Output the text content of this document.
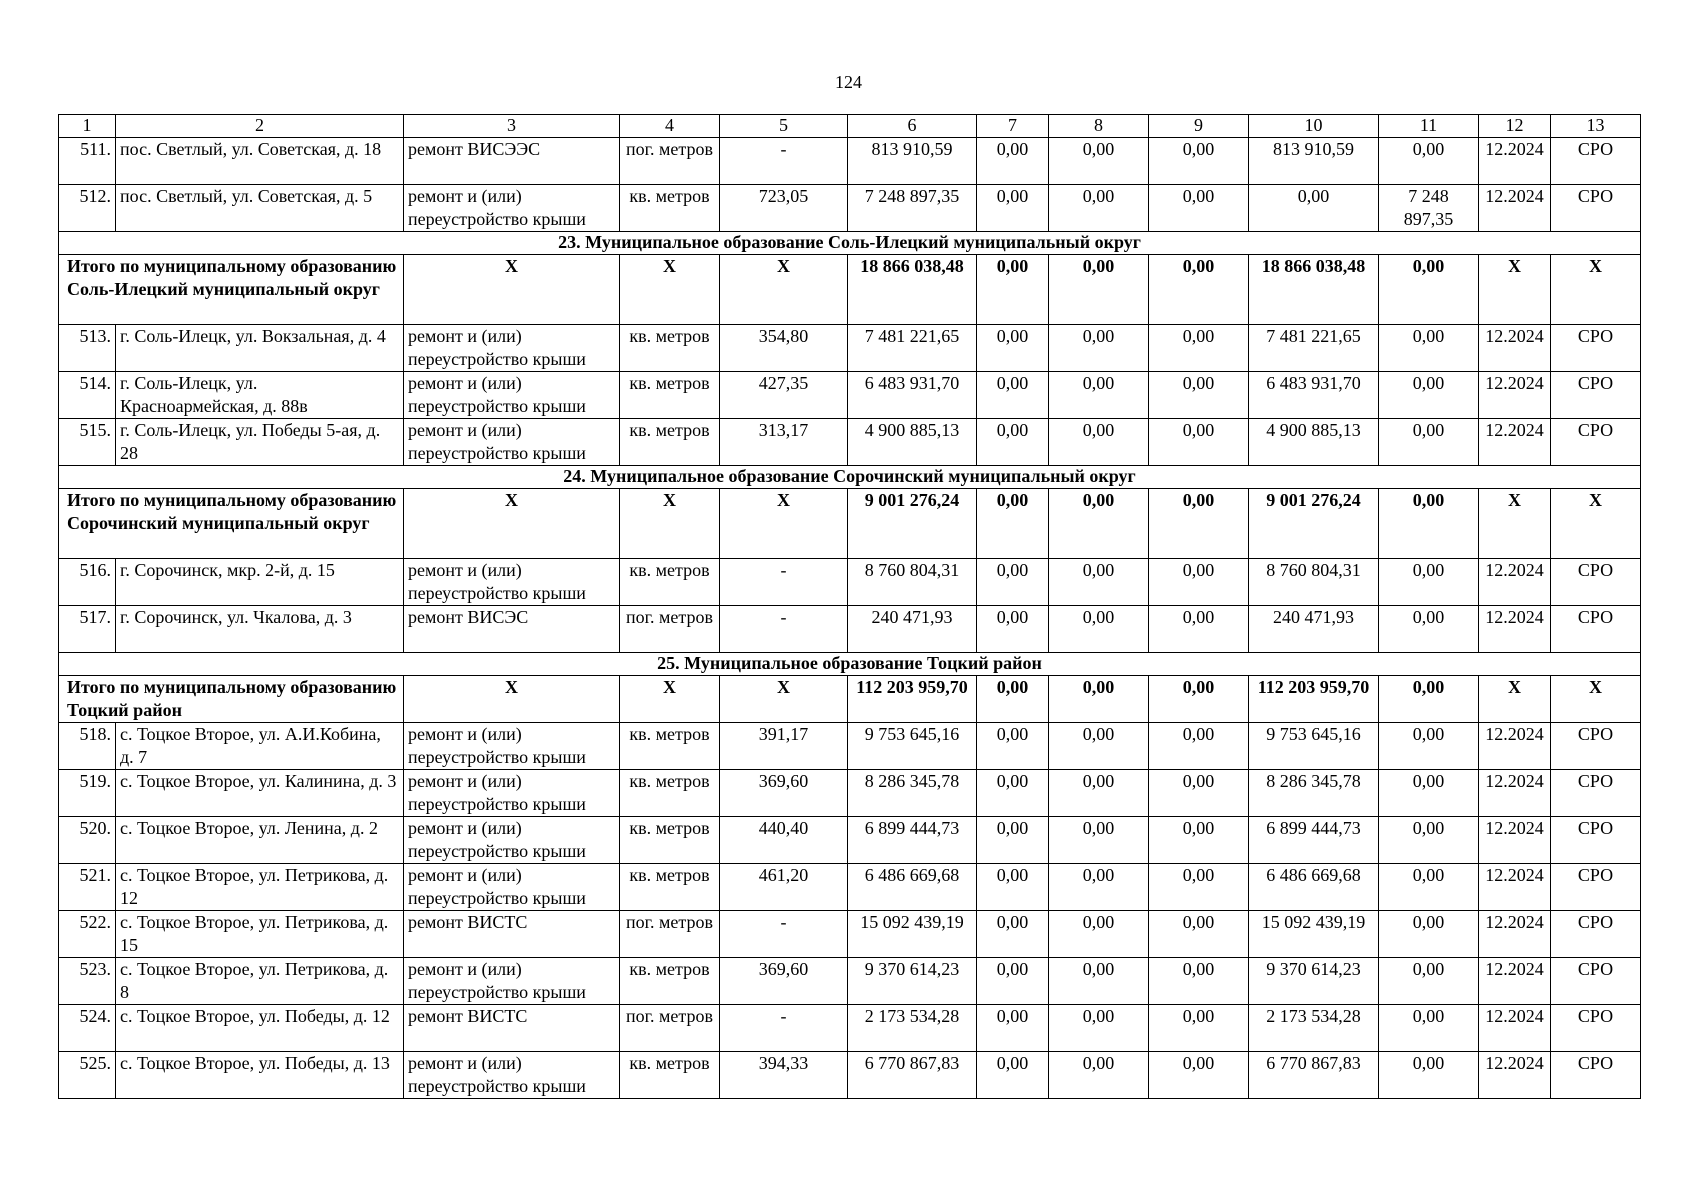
124
1	2	3	4	5	6	7	8	9	10	11	12	13
511.	пос. Светлый, ул. Советская, д. 18	ремонт ВИСЭЭС	пог. метров	-	813 910,59	0,00	0,00	0,00	813 910,59	0,00	12.2024	СРО
512.	пос. Светлый, ул. Советская, д. 5	ремонт и (или) переустройство крыши	кв. метров	723,05	7 248 897,35	0,00	0,00	0,00	0,00	7 248 897,35	12.2024	СРО
23. Муниципальное образование Соль-Илецкий муниципальный округ												
Итого по муниципальному образованию Соль-Илецкий муниципальный округ		Х	Х	Х	18 866 038,48	0,00	0,00	0,00	18 866 038,48	0,00	Х	Х
513.	г. Соль-Илецк, ул. Вокзальная, д. 4	ремонт и (или) переустройство крыши	кв. метров	354,80	7 481 221,65	0,00	0,00	0,00	7 481 221,65	0,00	12.2024	СРО
514.	г. Соль-Илецк, ул. Красноармейская, д. 88в	ремонт и (или) переустройство крыши	кв. метров	427,35	6 483 931,70	0,00	0,00	0,00	6 483 931,70	0,00	12.2024	СРО
515.	г. Соль-Илецк, ул. Победы 5-ая, д. 28	ремонт и (или) переустройство крыши	кв. метров	313,17	4 900 885,13	0,00	0,00	0,00	4 900 885,13	0,00	12.2024	СРО
24. Муниципальное образование Сорочинский муниципальный округ												
Итого по муниципальному образованию Сорочинский муниципальный округ		Х	Х	Х	9 001 276,24	0,00	0,00	0,00	9 001 276,24	0,00	Х	Х
516.	г. Сорочинск, мкр. 2-й, д. 15	ремонт и (или) переустройство крыши	кв. метров	-	8 760 804,31	0,00	0,00	0,00	8 760 804,31	0,00	12.2024	СРО
517.	г. Сорочинск, ул. Чкалова, д. 3	ремонт ВИСЭС	пог. метров	-	240 471,93	0,00	0,00	0,00	240 471,93	0,00	12.2024	СРО
25. Муниципальное образование Тоцкий район												
Итого по муниципальному образованию Тоцкий район		Х	Х	Х	112 203 959,70	0,00	0,00	0,00	112 203 959,70	0,00	Х	Х
518.	с. Тоцкое Второе, ул. А.И.Кобина, д. 7	ремонт и (или) переустройство крыши	кв. метров	391,17	9 753 645,16	0,00	0,00	0,00	9 753 645,16	0,00	12.2024	СРО
519.	с. Тоцкое Второе, ул. Калинина, д. 3	ремонт и (или) переустройство крыши	кв. метров	369,60	8 286 345,78	0,00	0,00	0,00	8 286 345,78	0,00	12.2024	СРО
520.	с. Тоцкое Второе, ул. Ленина, д. 2	ремонт и (или) переустройство крыши	кв. метров	440,40	6 899 444,73	0,00	0,00	0,00	6 899 444,73	0,00	12.2024	СРО
521.	с. Тоцкое Второе, ул. Петрикова, д. 12	ремонт и (или) переустройство крыши	кв. метров	461,20	6 486 669,68	0,00	0,00	0,00	6 486 669,68	0,00	12.2024	СРО
522.	с. Тоцкое Второе, ул. Петрикова, д. 15	ремонт ВИСТС	пог. метров	-	15 092 439,19	0,00	0,00	0,00	15 092 439,19	0,00	12.2024	СРО
523.	с. Тоцкое Второе, ул. Петрикова, д. 8	ремонт и (или) переустройство крыши	кв. метров	369,60	9 370 614,23	0,00	0,00	0,00	9 370 614,23	0,00	12.2024	СРО
524.	с. Тоцкое Второе, ул. Победы, д. 12	ремонт ВИСТС	пог. метров	-	2 173 534,28	0,00	0,00	0,00	2 173 534,28	0,00	12.2024	СРО
525.	с. Тоцкое Второе, ул. Победы, д. 13	ремонт и (или) переустройство крыши	кв. метров	394,33	6 770 867,83	0,00	0,00	0,00	6 770 867,83	0,00	12.2024	СРО
